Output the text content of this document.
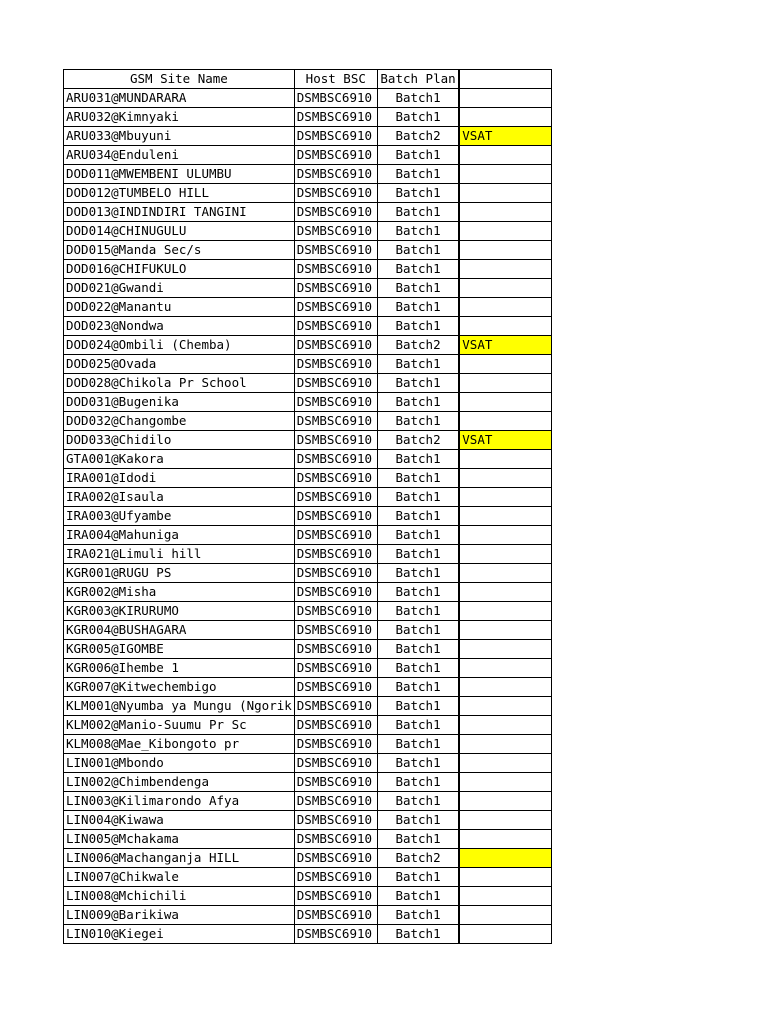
GSM Site Name	Host BSC	Batch Plan	
ARU031@MUNDARARA	DSMBSC6910	Batch1	
ARU032@Kimnyaki	DSMBSC6910	Batch1	
ARU033@Mbuyuni	DSMBSC6910	Batch2	VSAT
ARU034@Enduleni	DSMBSC6910	Batch1	
DOD011@MWEMBENI ULUMBU	DSMBSC6910	Batch1	
DOD012@TUMBELO HILL	DSMBSC6910	Batch1	
DOD013@INDINDIRI TANGINI	DSMBSC6910	Batch1	
DOD014@CHINUGULU	DSMBSC6910	Batch1	
DOD015@Manda Sec/s	DSMBSC6910	Batch1	
DOD016@CHIFUKULO	DSMBSC6910	Batch1	
DOD021@Gwandi	DSMBSC6910	Batch1	
DOD022@Manantu	DSMBSC6910	Batch1	
DOD023@Nondwa	DSMBSC6910	Batch1	
DOD024@Ombili (Chemba)	DSMBSC6910	Batch2	VSAT
DOD025@Ovada	DSMBSC6910	Batch1	
DOD028@Chikola Pr School	DSMBSC6910	Batch1	
DOD031@Bugenika	DSMBSC6910	Batch1	
DOD032@Changombe	DSMBSC6910	Batch1	
DOD033@Chidilo	DSMBSC6910	Batch2	VSAT
GTA001@Kakora	DSMBSC6910	Batch1	
IRA001@Idodi	DSMBSC6910	Batch1	
IRA002@Isaula	DSMBSC6910	Batch1	
IRA003@Ufyambe	DSMBSC6910	Batch1	
IRA004@Mahuniga	DSMBSC6910	Batch1	
IRA021@Limuli hill	DSMBSC6910	Batch1	
KGR001@RUGU PS	DSMBSC6910	Batch1	
KGR002@Misha	DSMBSC6910	Batch1	
KGR003@KIRURUMO	DSMBSC6910	Batch1	
KGR004@BUSHAGARA	DSMBSC6910	Batch1	
KGR005@IGOMBE	DSMBSC6910	Batch1	
KGR006@Ihembe 1	DSMBSC6910	Batch1	
KGR007@Kitwechembigo	DSMBSC6910	Batch1	
KLM001@Nyumba ya Mungu (Ngorik	DSMBSC6910	Batch1	
KLM002@Manio-Suumu Pr Sc	DSMBSC6910	Batch1	
KLM008@Mae_Kibongoto pr	DSMBSC6910	Batch1	
LIN001@Mbondo	DSMBSC6910	Batch1	
LIN002@Chimbendenga	DSMBSC6910	Batch1	
LIN003@Kilimarondo Afya	DSMBSC6910	Batch1	
LIN004@Kiwawa	DSMBSC6910	Batch1	
LIN005@Mchakama	DSMBSC6910	Batch1	
LIN006@Machanganja HILL	DSMBSC6910	Batch2	
LIN007@Chikwale	DSMBSC6910	Batch1	
LIN008@Mchichili	DSMBSC6910	Batch1	
LIN009@Barikiwa	DSMBSC6910	Batch1	
LIN010@Kiegei	DSMBSC6910	Batch1	
